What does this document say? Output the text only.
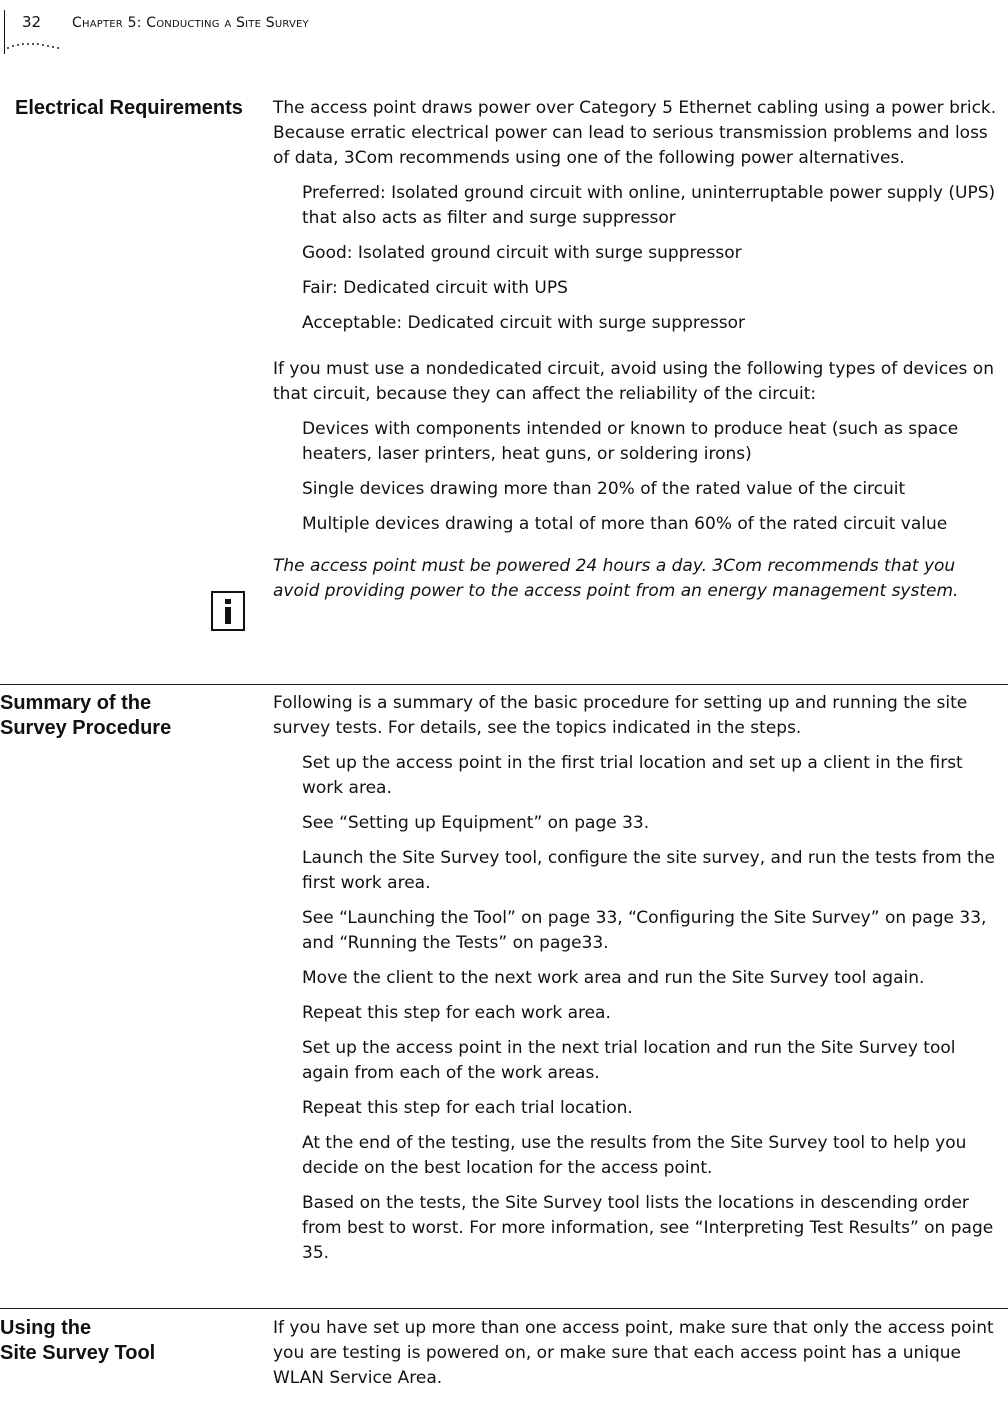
32 Chapter 5: Conducting a Site Survey
Electrical Requirements The access point draws power over Category 5 Ethernet cabling using a power brick. Because erratic electrical power can lead to serious transmission problems and loss of data, 3Com recommends using one of the following power alternatives.

Preferred: Isolated ground circuit with online, uninterruptable power supply (UPS) that also acts as filter and surge suppressor

Good: Isolated ground circuit with surge suppressor

Fair: Dedicated circuit with UPS

Acceptable: Dedicated circuit with surge suppressor

If you must use a nondedicated circuit, avoid using the following types of devices on that circuit, because they can affect the reliability of the circuit:

Devices with components intended or known to produce heat (such as space heaters, laser printers, heat guns, or soldering irons)

Single devices drawing more than 20% of the rated value of the circuit

Multiple devices drawing a total of more than 60% of the rated circuit value

The access point must be powered 24 hours a day. 3Com recommends that you avoid providing power to the access point from an energy management system.

Summary of the
Survey Procedure

Following is a summary of the basic procedure for setting up and running the site survey tests. For details, see the topics indicated in the steps.

Set up the access point in the first trial location and set up a client in the first work area.

See “Setting up Equipment” on page 33.

Launch the Site Survey tool, configure the site survey, and run the tests from the first work area.

See “Launching the Tool” on page 33, “Configuring the Site Survey” on page 33, and “Running the Tests” on page33.

Move the client to the next work area and run the Site Survey tool again.

Repeat this step for each work area.

Set up the access point in the next trial location and run the Site Survey tool again from each of the work areas.

Repeat this step for each trial location.

At the end of the testing, use the results from the Site Survey tool to help you decide on the best location for the access point.

Based on the tests, the Site Survey tool lists the locations in descending order from best to worst. For more information, see “Interpreting Test Results” on page 35.

Using the
Site Survey Tool

If you have set up more than one access point, make sure that only the access point you are testing is powered on, or make sure that each access point has a unique WLAN Service Area.
